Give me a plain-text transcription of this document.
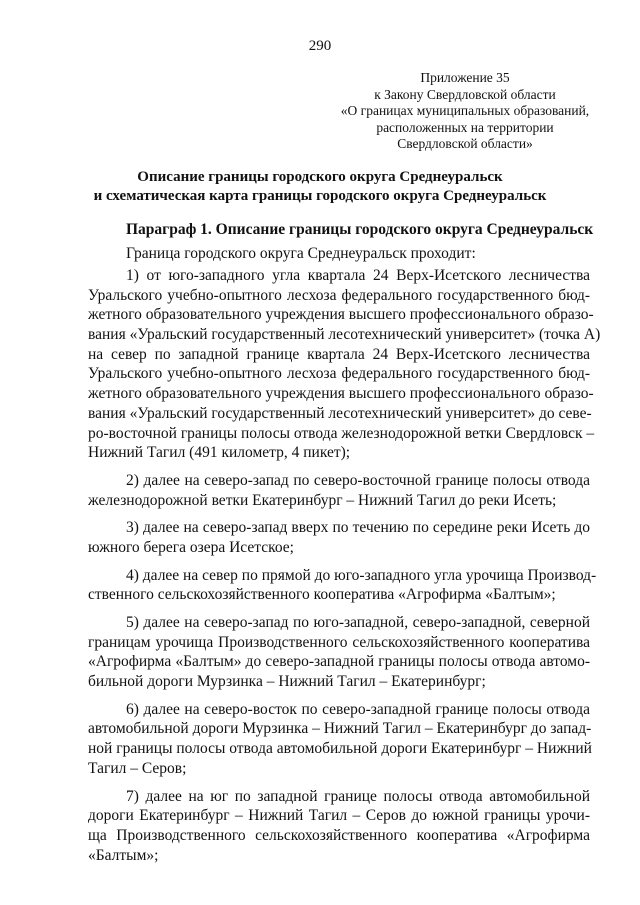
290
Приложение 35
к Закону Свердловской области
«О границах муниципальных образований,
расположенных на территории
Свердловской области»
Описание границы городского округа Среднеуральск
и схематическая карта границы городского округа Среднеуральск
Параграф 1. Описание границы городского округа Среднеуральск
Граница городского округа Среднеуральск проходит:
1) от юго-западного угла квартала 24 Верх-Исетского лесничества
Уральского учебно-опытного лесхоза федерального государственного бюд-
жетного образовательного учреждения высшего профессионального образо-
вания «Уральский государственный лесотехнический университет» (точка А)
на север по западной границе квартала 24 Верх-Исетского лесничества
Уральского учебно-опытного лесхоза федерального государственного бюд-
жетного образовательного учреждения высшего профессионального образо-
вания «Уральский государственный лесотехнический университет» до севе-
ро-восточной границы полосы отвода железнодорожной ветки Свердловск –
Нижний Тагил (491 километр, 4 пикет);
2) далее на северо-запад по северо-восточной границе полосы отвода
железнодорожной ветки Екатеринбург – Нижний Тагил до реки Исеть;
3) далее на северо-запад вверх по течению по середине реки Исеть до
южного берега озера Исетское;
4) далее на север по прямой до юго-западного угла урочища Производ-
ственного сельскохозяйственного кооператива «Агрофирма «Балтым»;
5) далее на северо-запад по юго-западной, северо-западной, северной
границам урочища Производственного сельскохозяйственного кооператива
«Агрофирма «Балтым» до северо-западной границы полосы отвода автомо-
бильной дороги Мурзинка – Нижний Тагил – Екатеринбург;
6) далее на северо-восток по северо-западной границе полосы отвода
автомобильной дороги Мурзинка – Нижний Тагил – Екатеринбург до запад-
ной границы полосы отвода автомобильной дороги Екатеринбург – Нижний
Тагил – Серов;
7) далее на юг по западной границе полосы отвода автомобильной
дороги Екатеринбург – Нижний Тагил – Серов до южной границы урочи-
ща Производственного сельскохозяйственного кооператива «Агрофирма
«Балтым»;
